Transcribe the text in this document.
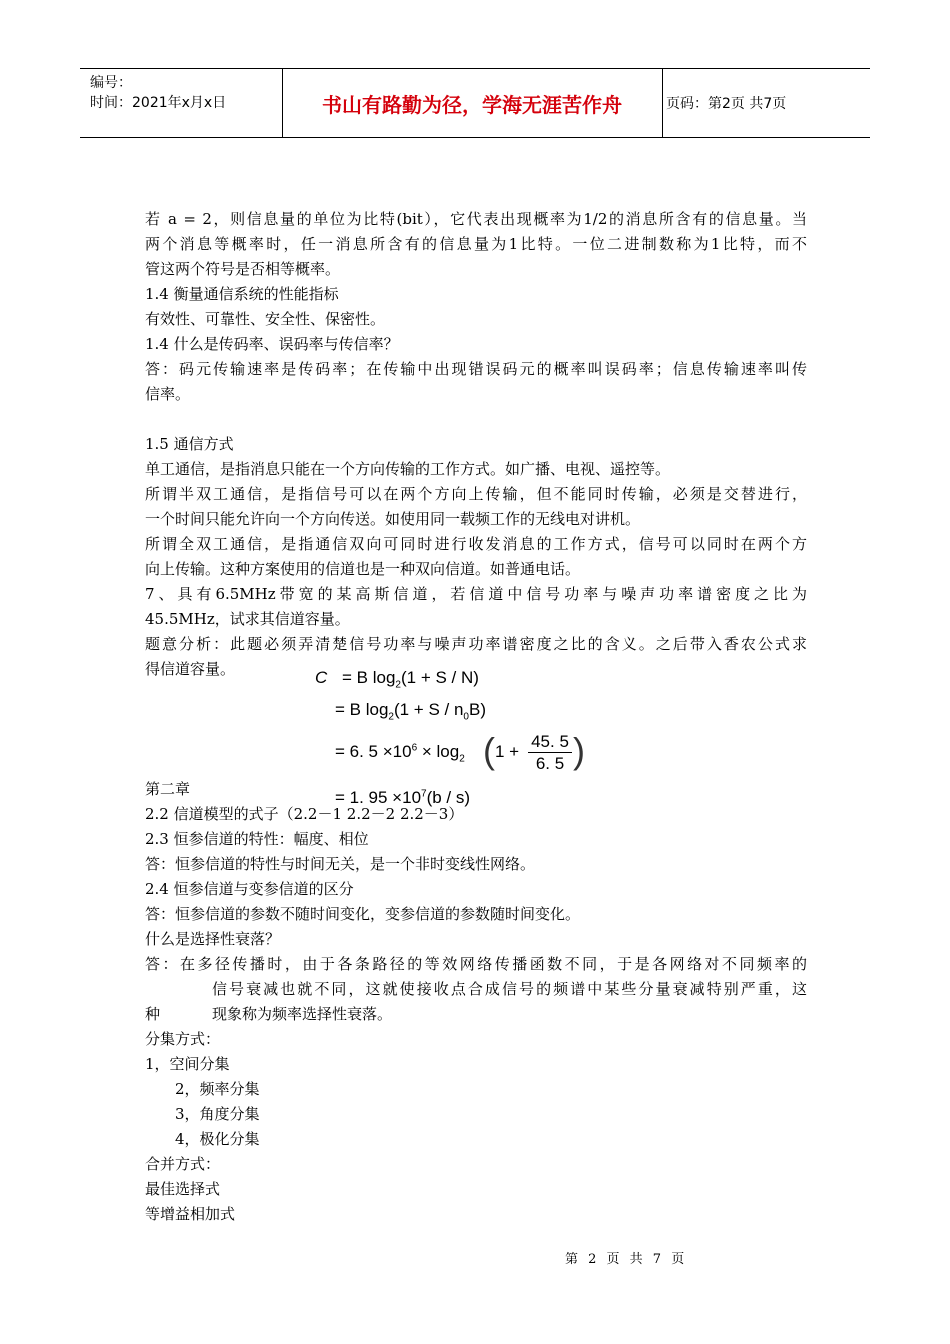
编号：
时间：2021年x月x日	书山有路勤为径，学海无涯苦作舟	页码：第2页 共7页
若 a = 2，则信息量的单位为比特(bit），它代表出现概率为1/2的消息所含有的信息量。当
两个消息等概率时，任一消息所含有的信息量为1比特。一位二进制数称为1比特，而不
管这两个符号是否相等概率。
1.4 衡量通信系统的性能指标
有效性、可靠性、安全性、保密性。
1.4 什么是传码率、误码率与传信率？
答：码元传输速率是传码率；在传输中出现错误码元的概率叫误码率；信息传输速率叫传
信率。
1.5 通信方式
单工通信，是指消息只能在一个方向传输的工作方式。如广播、电视、遥控等。
所谓半双工通信，是指信号可以在两个方向上传输，但不能同时传输，必须是交替进行，
一个时间只能允许向一个方向传送。如使用同一载频工作的无线电对讲机。
所谓全双工通信，是指通信双向可同时进行收发消息的工作方式，信号可以同时在两个方
向上传输。这种方案使用的信道也是一种双向信道。如普通电话。
7、具有6.5MHz带宽的某高斯信道，若信道中信号功率与噪声功率谱密度之比为
45.5MHz，试求其信道容量。
题意分析：此题必须弄清楚信号功率与噪声功率谱密度之比的含义。之后带入香农公式求
得信道容量。
第二章
2.2 信道模型的式子（2.2－1 2.2－2 2.2－3）
2.3 恒参信道的特性：幅度、相位
答：恒参信道的特性与时间无关，是一个非时变线性网络。
2.4 恒参信道与变参信道的区分
答：恒参信道的参数不随时间变化，变参信道的参数随时间变化。
什么是选择性衰落？
答：在多径传播时，由于各条路径的等效网络传播函数不同，于是各网络对不同频率的
信号衰减也就不同，这就使接收点合成信号的频谱中某些分量衰减特别严重，这
种	现象称为频率选择性衰落。
分集方式：
1，空间分集
2，频率分集
3，角度分集
4，极化分集
合并方式：
最佳选择式
等增益相加式
C = B $\log_2(1 + S / N)$
= B $\log_2(1 + S / n_0B)$
= 6. $5 \times 10^6 \times \log_2$ ( $1 + \frac{45. 5}{6. 5}$ )
= 1. $95 \times 10^7(b / s)$
第 2 页 共 7 页
